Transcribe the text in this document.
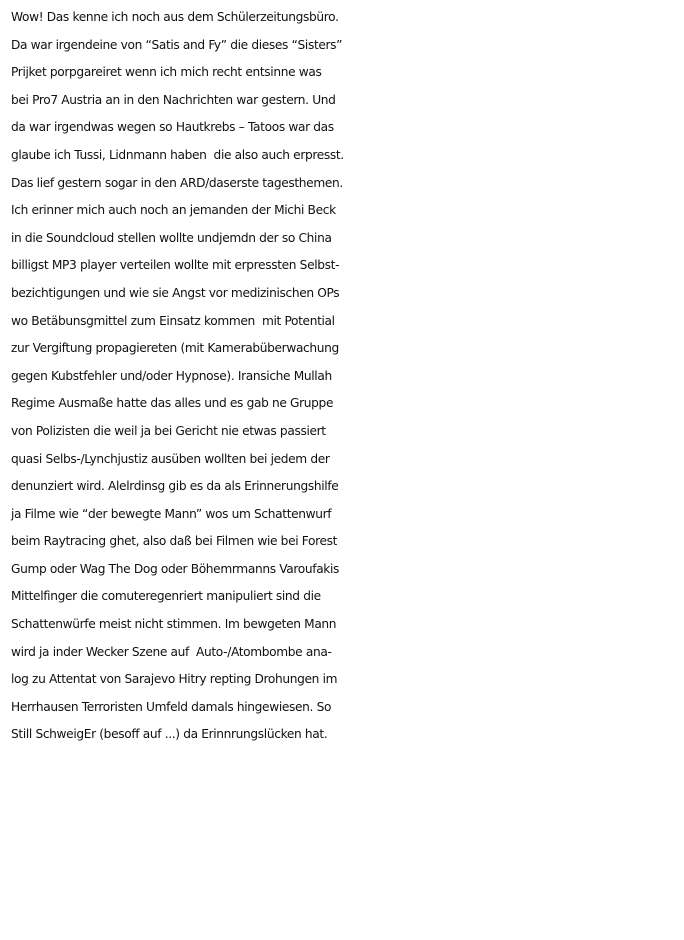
Wow! Das kenne ich noch aus dem Schülerzeitungsbüro.
Da war irgendeine von “Satis and Fy” die dieses “Sisters”
Prijket porpgareiret wenn ich mich recht entsinne was
bei Pro7 Austria an in den Nachrichten war gestern. Und
da war irgendwas wegen so Hautkrebs – Tatoos war das
glaube ich Tussi, Lidnmann haben  die also auch erpresst.
Das lief gestern sogar in den ARD/daserste tagesthemen.
Ich erinner mich auch noch an jemanden der Michi Beck
in die Soundcloud stellen wollte undjemdn der so China
billigst MP3 player verteilen wollte mit erpressten Selbst-
bezichtigungen und wie sie Angst vor medizinischen OPs
wo Betäbunsgmittel zum Einsatz kommen  mit Potential
zur Vergiftung propagiereten (mit Kamerabüberwachung
gegen Kubstfehler und/oder Hypnose). Iransiche Mullah
Regime Ausmaße hatte das alles und es gab ne Gruppe
von Polizisten die weil ja bei Gericht nie etwas passiert
quasi Selbs-/Lynchjustiz ausüben wollten bei jedem der
denunziert wird. Alelrdinsg gib es da als Erinnerungshilfe
ja Filme wie “der bewegte Mann” wos um Schattenwurf
beim Raytracing ghet, also daß bei Filmen wie bei Forest
Gump oder Wag The Dog oder Böhemrmanns Varoufakis
Mittelfinger die comuteregenriert manipuliert sind die
Schattenwürfe meist nicht stimmen. Im bewgeten Mann
wird ja inder Wecker Szene auf  Auto-/Atombombe ana-
log zu Attentat von Sarajevo Hitry repting Drohungen im
Herrhausen Terroristen Umfeld damals hingewiesen. So
Still SchweigEr (besoff auf ...) da Erinnrungslücken hat.
